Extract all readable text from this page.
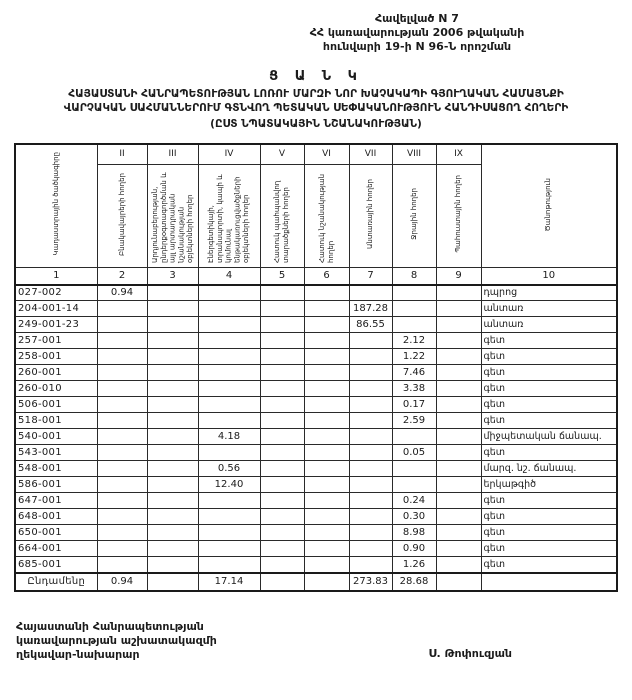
Հավելված N 7
ՀՀ կառավարության 2006 թվականի
հունվարի 19-ի N 96-Ն որոշման
Ց Ա Ն Կ
ՀԱՅԱՍՏԱՆԻ ՀԱՆՐԱՊԵՏՈՒԹՅԱՆ ԼՈՌՈՒ ՄԱՐԶԻ ՆՈՐ ԽԱՉԱԿԱՊԻ ԳՅՈՒՂԱԿԱՆ ՀԱՄԱՅՆՔԻ
ՎԱՐՉԱԿԱՆ ՍԱՀՄԱՆՆԵՐՈՒՄ ԳՏՆՎՈՂ ՊԵՏԱԿԱՆ ՍԵՓԱԿԱՆՈՒԹՅՈՒՆ ՀԱՆԴԻՍԱՑՈՂ ՀՈՂԵՐԻ
(ԸՍՏ ՆՊԱՏԱԿԱՅԻՆ ՆՇԱՆԱԿՈՒԹՅԱՆ)
Կադաստրային ծածկագիրը	II	III	IV	V	VI	VII	VIII	IX	Ծանոթություն
	Բնակավայրերի հողեր	Արդյունաբերության, ընդերքօգտագործման և այլ արտադրական նշանակության օբյեկտների հողեր	Էներգետիկայի, տրանսպորտի, կապի և կոմունալ ենթակառուցվածքների օբյեկտների հողեր	Հատուկ պահպանվող տարածքների հողեր	Հատուկ նշանակության հողեր	Անտառային հողեր	Ջրային հողեր	Պահուստային հողեր	
1	2	3	4	5	6	7	8	9	10
027-002	0.94								դպրոց
204-001-14						187.28			անտառ
249-001-23						86.55			անտառ
257-001							2.12		գետ
258-001							1.22		գետ
260-001							7.46		գետ
260-010							3.38		գետ
506-001							0.17		գետ
518-001							2.59		գետ
540-001			4.18						միջպետական ճանապ.
543-001							0.05		գետ
548-001			0.56						մարզ. նշ. ճանապ.
586-001			12.40						երկաթգիծ
647-001							0.24		գետ
648-001							0.30		գետ
650-001							8.98		գետ
664-001							0.90		գետ
685-001							1.26		գետ
Ընդամենը	0.94		17.14			273.83	28.68		
Հայաստանի Հանրապետության
կառավարության աշխատակազմի
ղեկավար-նախարար	Ս. Թոփուզյան
